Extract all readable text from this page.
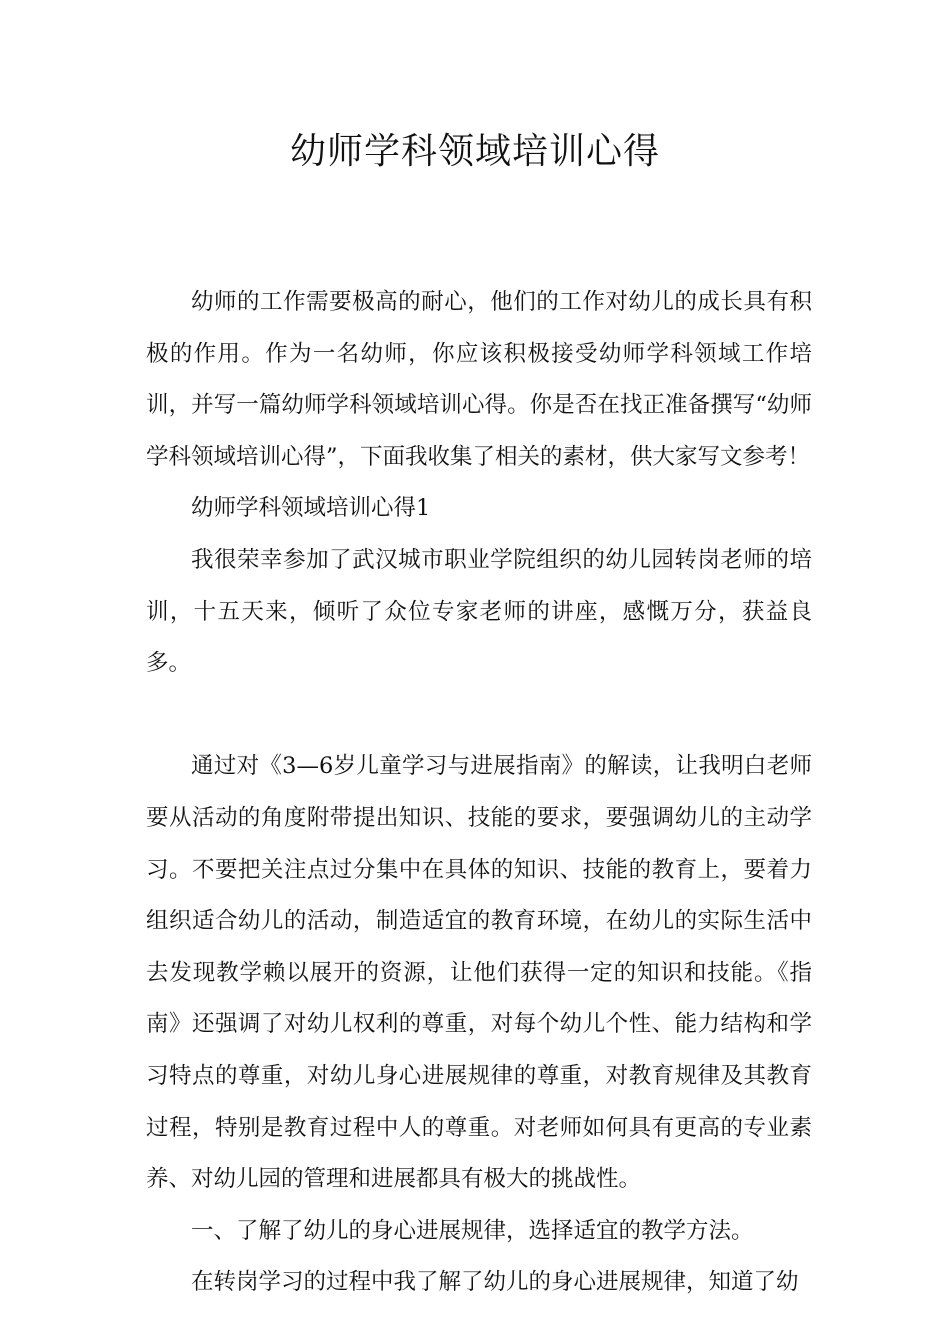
幼师学科领域培训心得

幼师的工作需要极高的耐心，他们的工作对幼儿的成长具有积极的作用。作为一名幼师，你应该积极接受幼师学科领域工作培训，并写一篇幼师学科领域培训心得。你是否在找正准备撰写“幼师学科领域培训心得”，下面我收集了相关的素材，供大家写文参考！

幼师学科领域培训心得1

我很荣幸参加了武汉城市职业学院组织的幼儿园转岗老师的培训，十五天来，倾听了众位专家老师的讲座，感慨万分，获益良多。

通过对《3—6岁儿童学习与进展指南》的解读，让我明白老师要从活动的角度附带提出知识、技能的要求，要强调幼儿的主动学习。不要把关注点过分集中在具体的知识、技能的教育上，要着力组织适合幼儿的活动，制造适宜的教育环境，在幼儿的实际生活中去发现教学赖以展开的资源，让他们获得一定的知识和技能。《指南》还强调了对幼儿权利的尊重，对每个幼儿个性、能力结构和学习特点的尊重，对幼儿身心进展规律的尊重，对教育规律及其教育过程，特别是教育过程中人的尊重。对老师如何具有更高的专业素养、对幼儿园的管理和进展都具有极大的挑战性。

一、了解了幼儿的身心进展规律，选择适宜的教学方法。

在转岗学习的过程中我了解了幼儿的身心进展规律，知道了幼
